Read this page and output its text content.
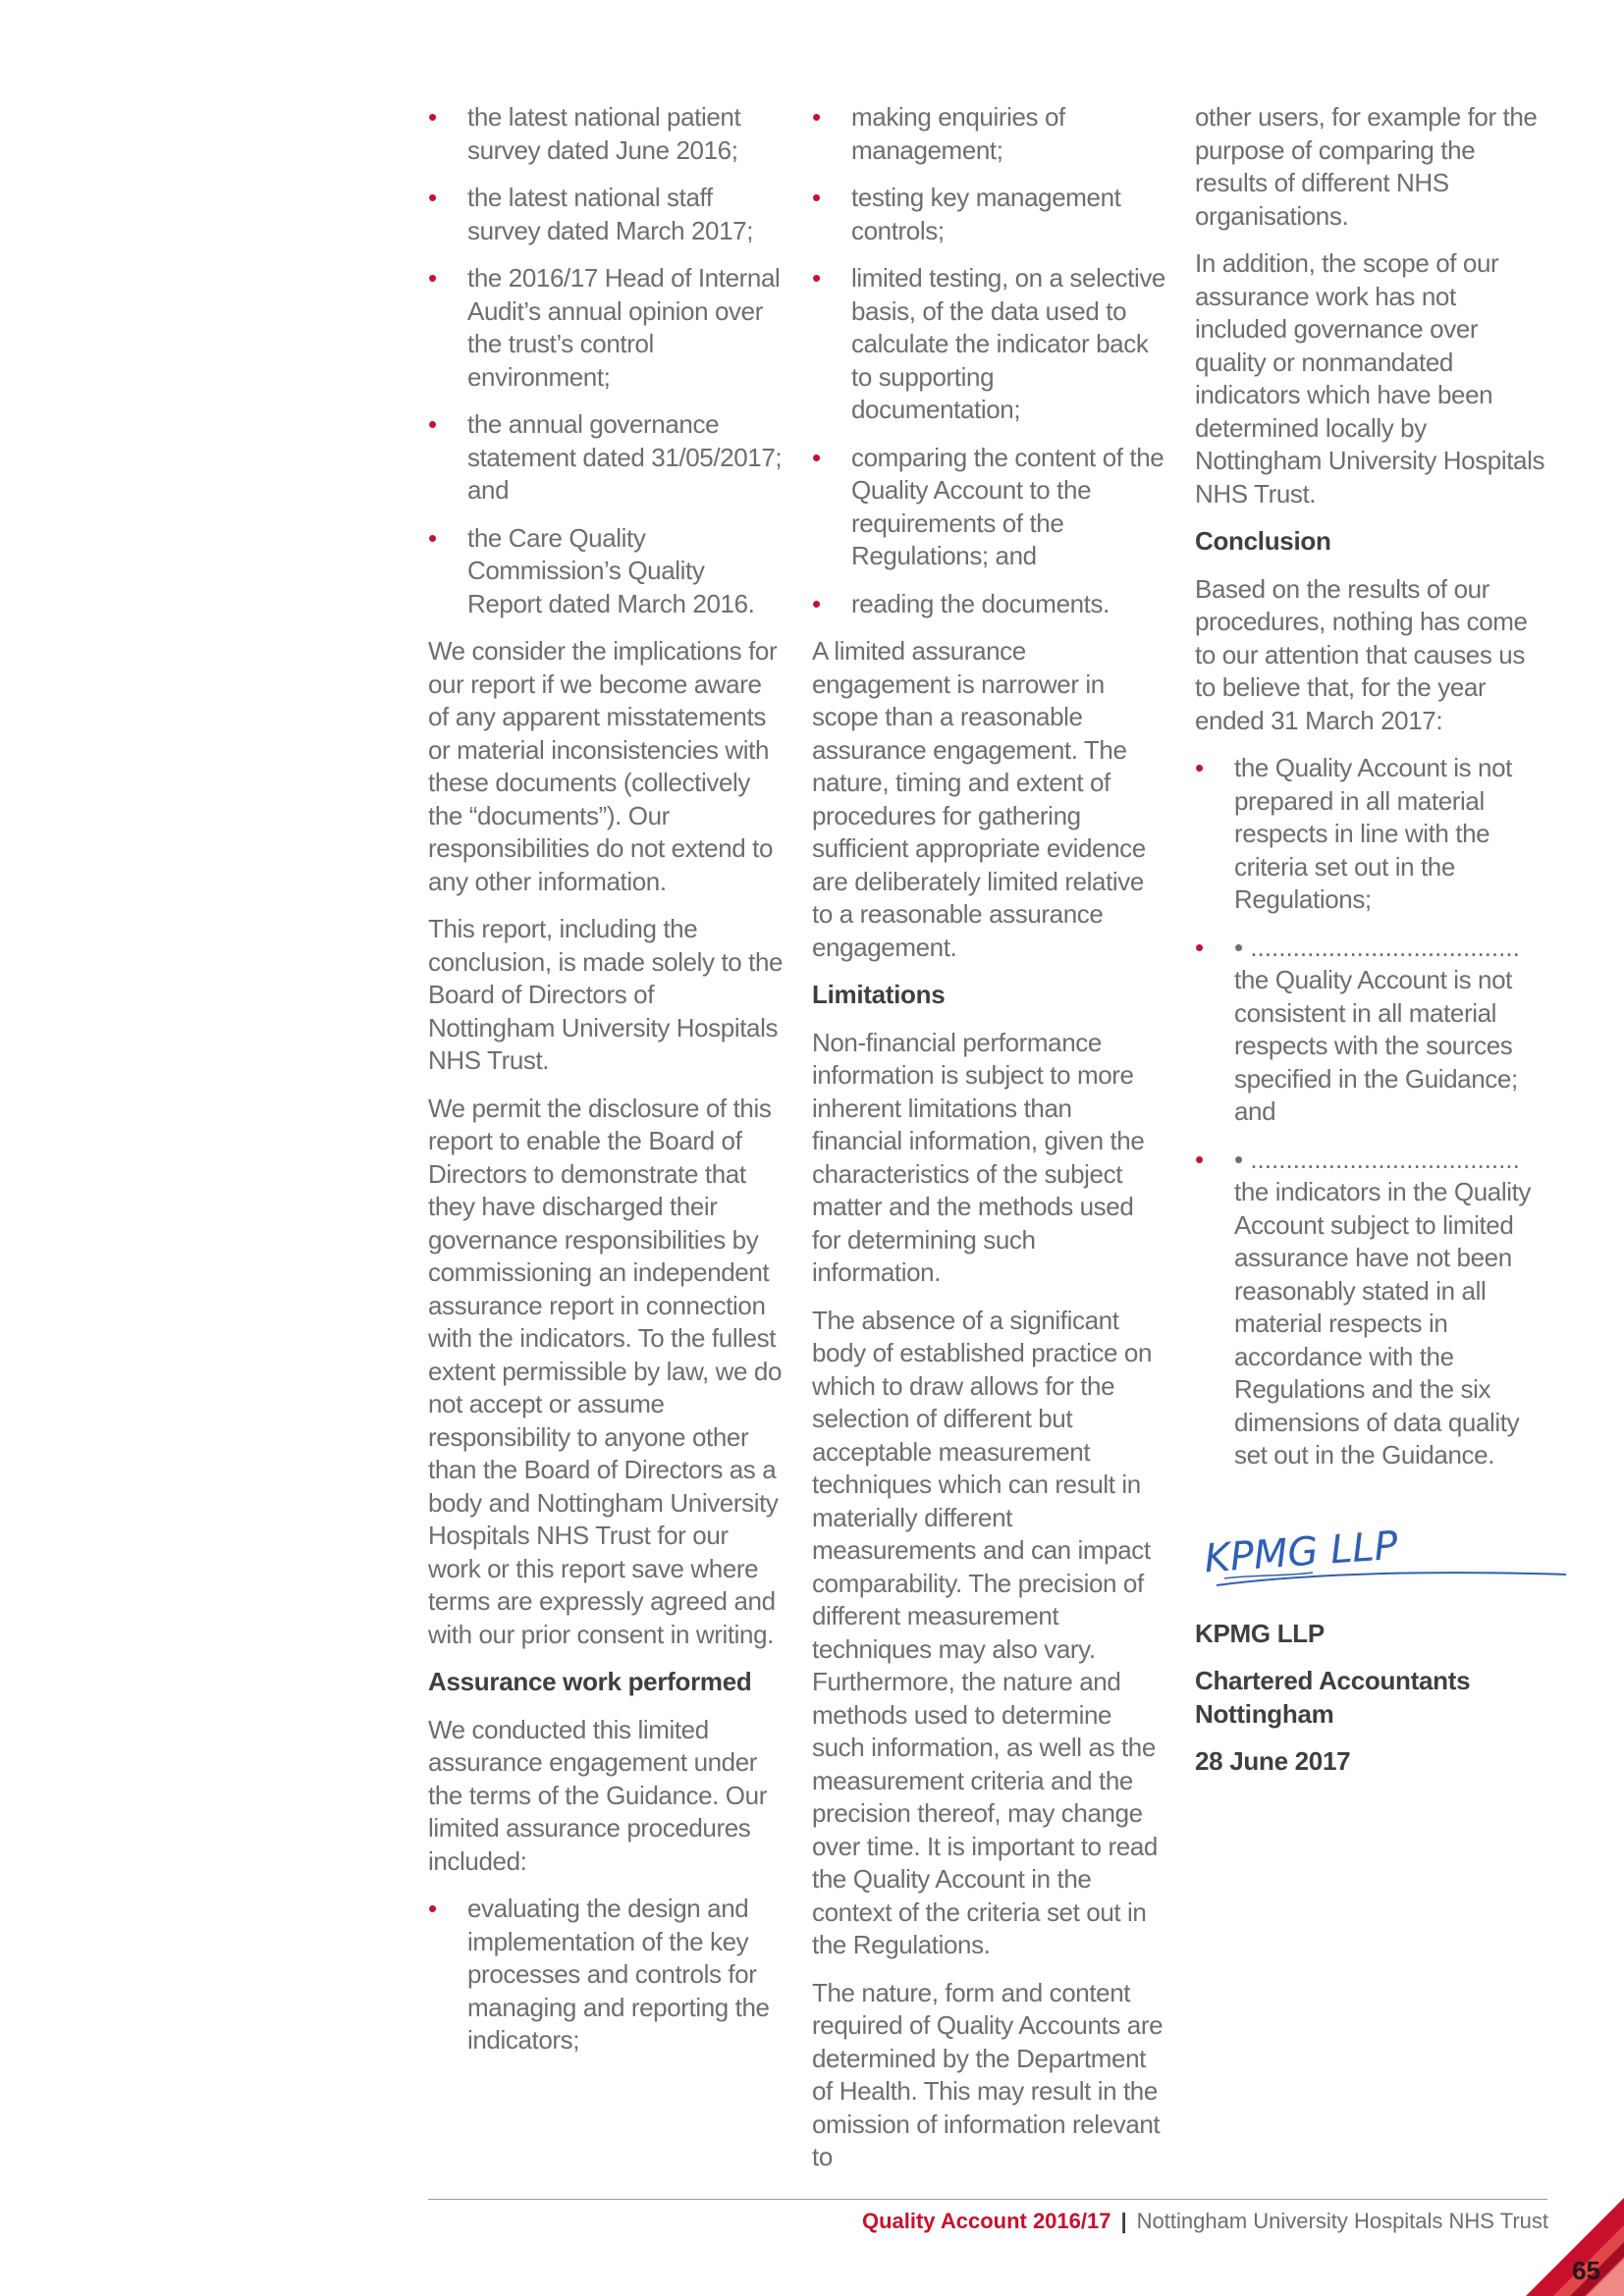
• the latest national patient survey dated June 2016;
• the latest national staff survey dated March 2017;
• the 2016/17 Head of Internal Audit’s annual opinion over the trust’s control environment;
• the annual governance statement dated 31/05/2017; and
• the Care Quality Commission’s Quality Report dated March 2016.

We consider the implications for our report if we become aware of any apparent misstatements or material inconsistencies with these documents (collectively the “documents”). Our responsibilities do not extend to any other information.

This report, including the conclusion, is made solely to the Board of Directors of Nottingham University Hospitals NHS Trust.

We permit the disclosure of this report to enable the Board of Directors to demonstrate that they have discharged their governance responsibilities by commissioning an independent assurance report in connection with the indicators. To the fullest extent permissible by law, we do not accept or assume responsibility to anyone other than the Board of Directors as a body and Nottingham University Hospitals NHS Trust for our work or this report save where terms are expressly agreed and with our prior consent in writing.

Assurance work performed

We conducted this limited assurance engagement under the terms of the Guidance. Our limited assurance procedures included:

• evaluating the design and implementation of the key processes and controls for managing and reporting the indicators;
• making enquiries of management;
• testing key management controls;
• limited testing, on a selective basis, of the data used to calculate the indicator back to supporting documentation;
• comparing the content of the Quality Account to the requirements of the Regulations; and
• reading the documents.

A limited assurance engagement is narrower in scope than a reasonable assurance engagement. The nature, timing and extent of procedures for gathering sufficient appropriate evidence are deliberately limited relative to a reasonable assurance engagement.

Limitations

Non-financial performance information is subject to more inherent limitations than financial information, given the characteristics of the subject matter and the methods used for determining such information.

The absence of a significant body of established practice on which to draw allows for the selection of different but acceptable measurement techniques which can result in materially different measurements and can impact comparability. The precision of different measurement techniques may also vary. Furthermore, the nature and methods used to determine such information, as well as the measurement criteria and the precision thereof, may change over time. It is important to read the Quality Account in the context of the criteria set out in the Regulations.

The nature, form and content required of Quality Accounts are determined by the Department of Health. This may result in the omission of information relevant to

other users, for example for the purpose of comparing the results of different NHS organisations.

In addition, the scope of our assurance work has not included governance over quality or nonmandated indicators which have been determined locally by Nottingham University Hospitals NHS Trust.

Conclusion

Based on the results of our procedures, nothing has come to our attention that causes us to believe that, for the year ended 31 March 2017:

• the Quality Account is not prepared in all material respects in line with the criteria set out in the Regulations;
• • ......................................
the Quality Account is not consistent in all material respects with the sources specified in the Guidance; and
• • ......................................
the indicators in the Quality Account subject to limited assurance have not been reasonably stated in all material respects in accordance with the Regulations and the six dimensions of data quality set out in the Guidance.
KPMG LLP
KPMG LLP
Chartered Accountants
Nottingham
28 June 2017
Quality Account 2016/17 | Nottingham University Hospitals NHS Trust
65
